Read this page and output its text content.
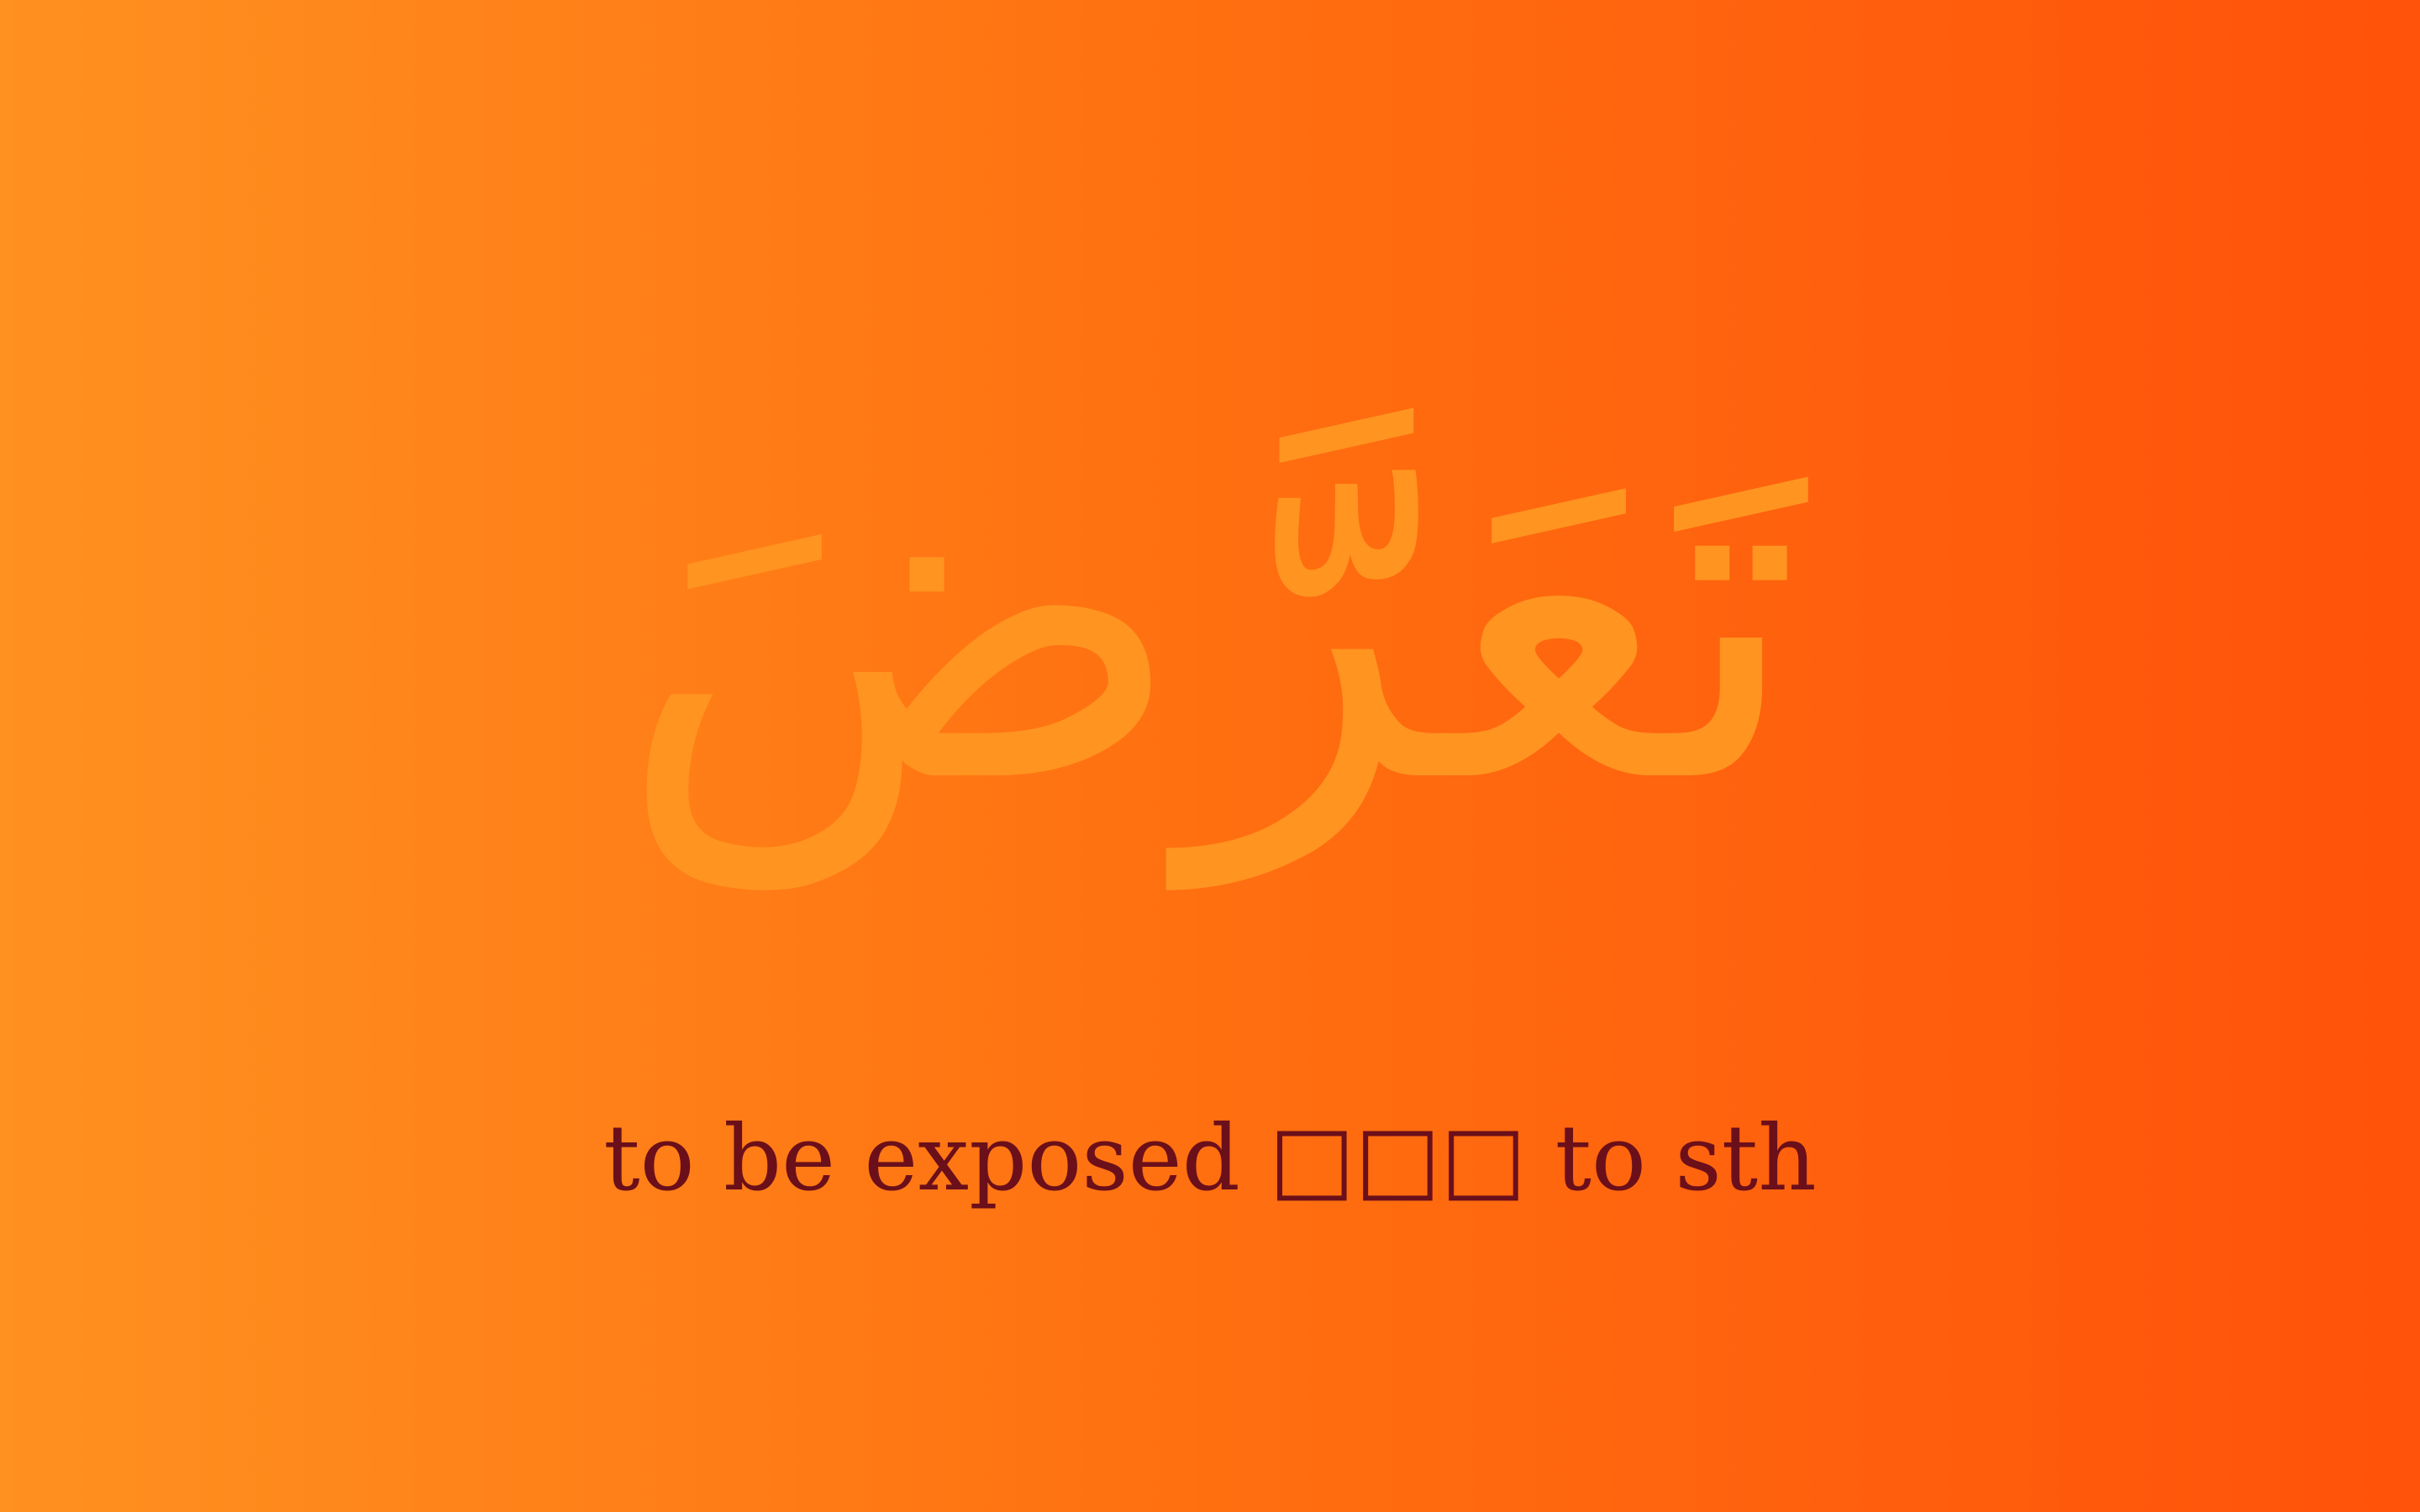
تَعَرَّضَ
to be exposed □□□ to sth
